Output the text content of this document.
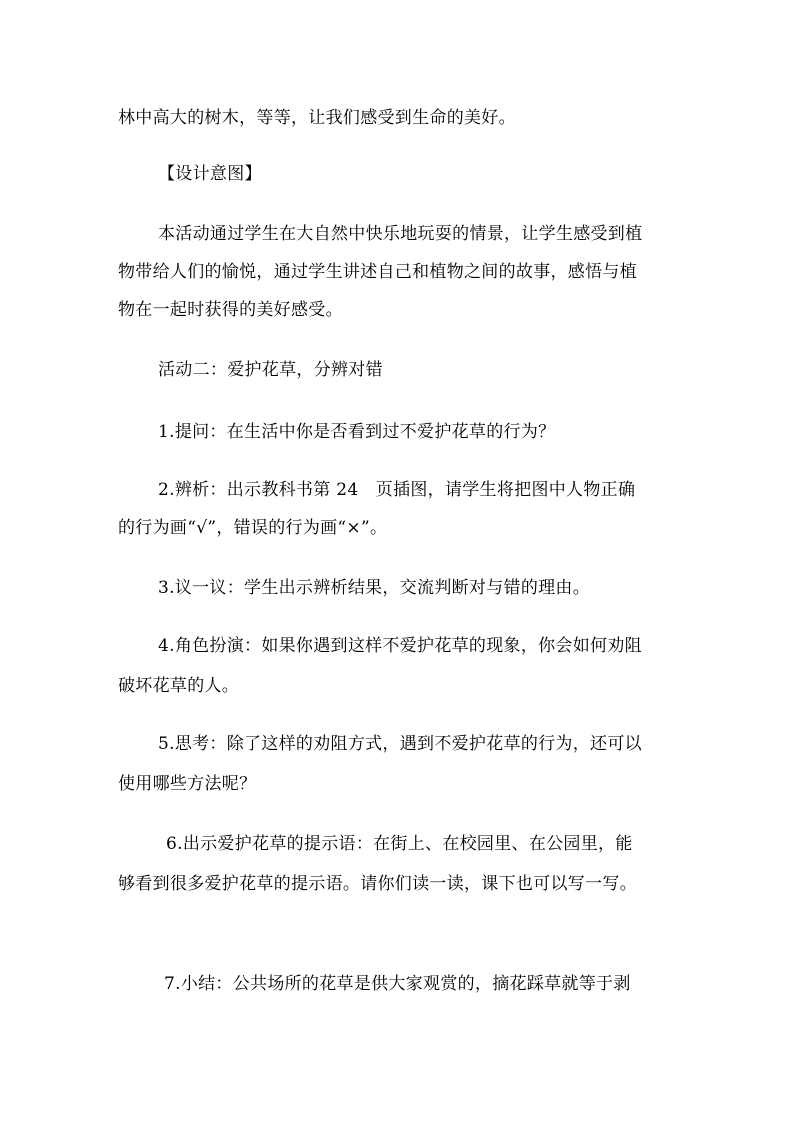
林中高大的树木，等等，让我们感受到生命的美好。
【设计意图】
本活动通过学生在大自然中快乐地玩耍的情景，让学生感受到植
物带给人们的愉悦，通过学生讲述自己和植物之间的故事，感悟与植
物在一起时获得的美好感受。
活动二：爱护花草，分辨对错
1.提问：在生活中你是否看到过不爱护花草的行为？
2.辨析：出示教科书第 24　页插图，请学生将把图中人物正确
的行为画“√”，错误的行为画“×”。
3.议一议：学生出示辨析结果，交流判断对与错的理由。
4.角色扮演：如果你遇到这样不爱护花草的现象，你会如何劝阻
破坏花草的人。
5.思考：除了这样的劝阻方式，遇到不爱护花草的行为，还可以
使用哪些方法呢？
6.出示爱护花草的提示语：在街上、在校园里、在公园里，能
够看到很多爱护花草的提示语。请你们读一读，课下也可以写一写。
7.小结：公共场所的花草是供大家观赏的，摘花踩草就等于剥
